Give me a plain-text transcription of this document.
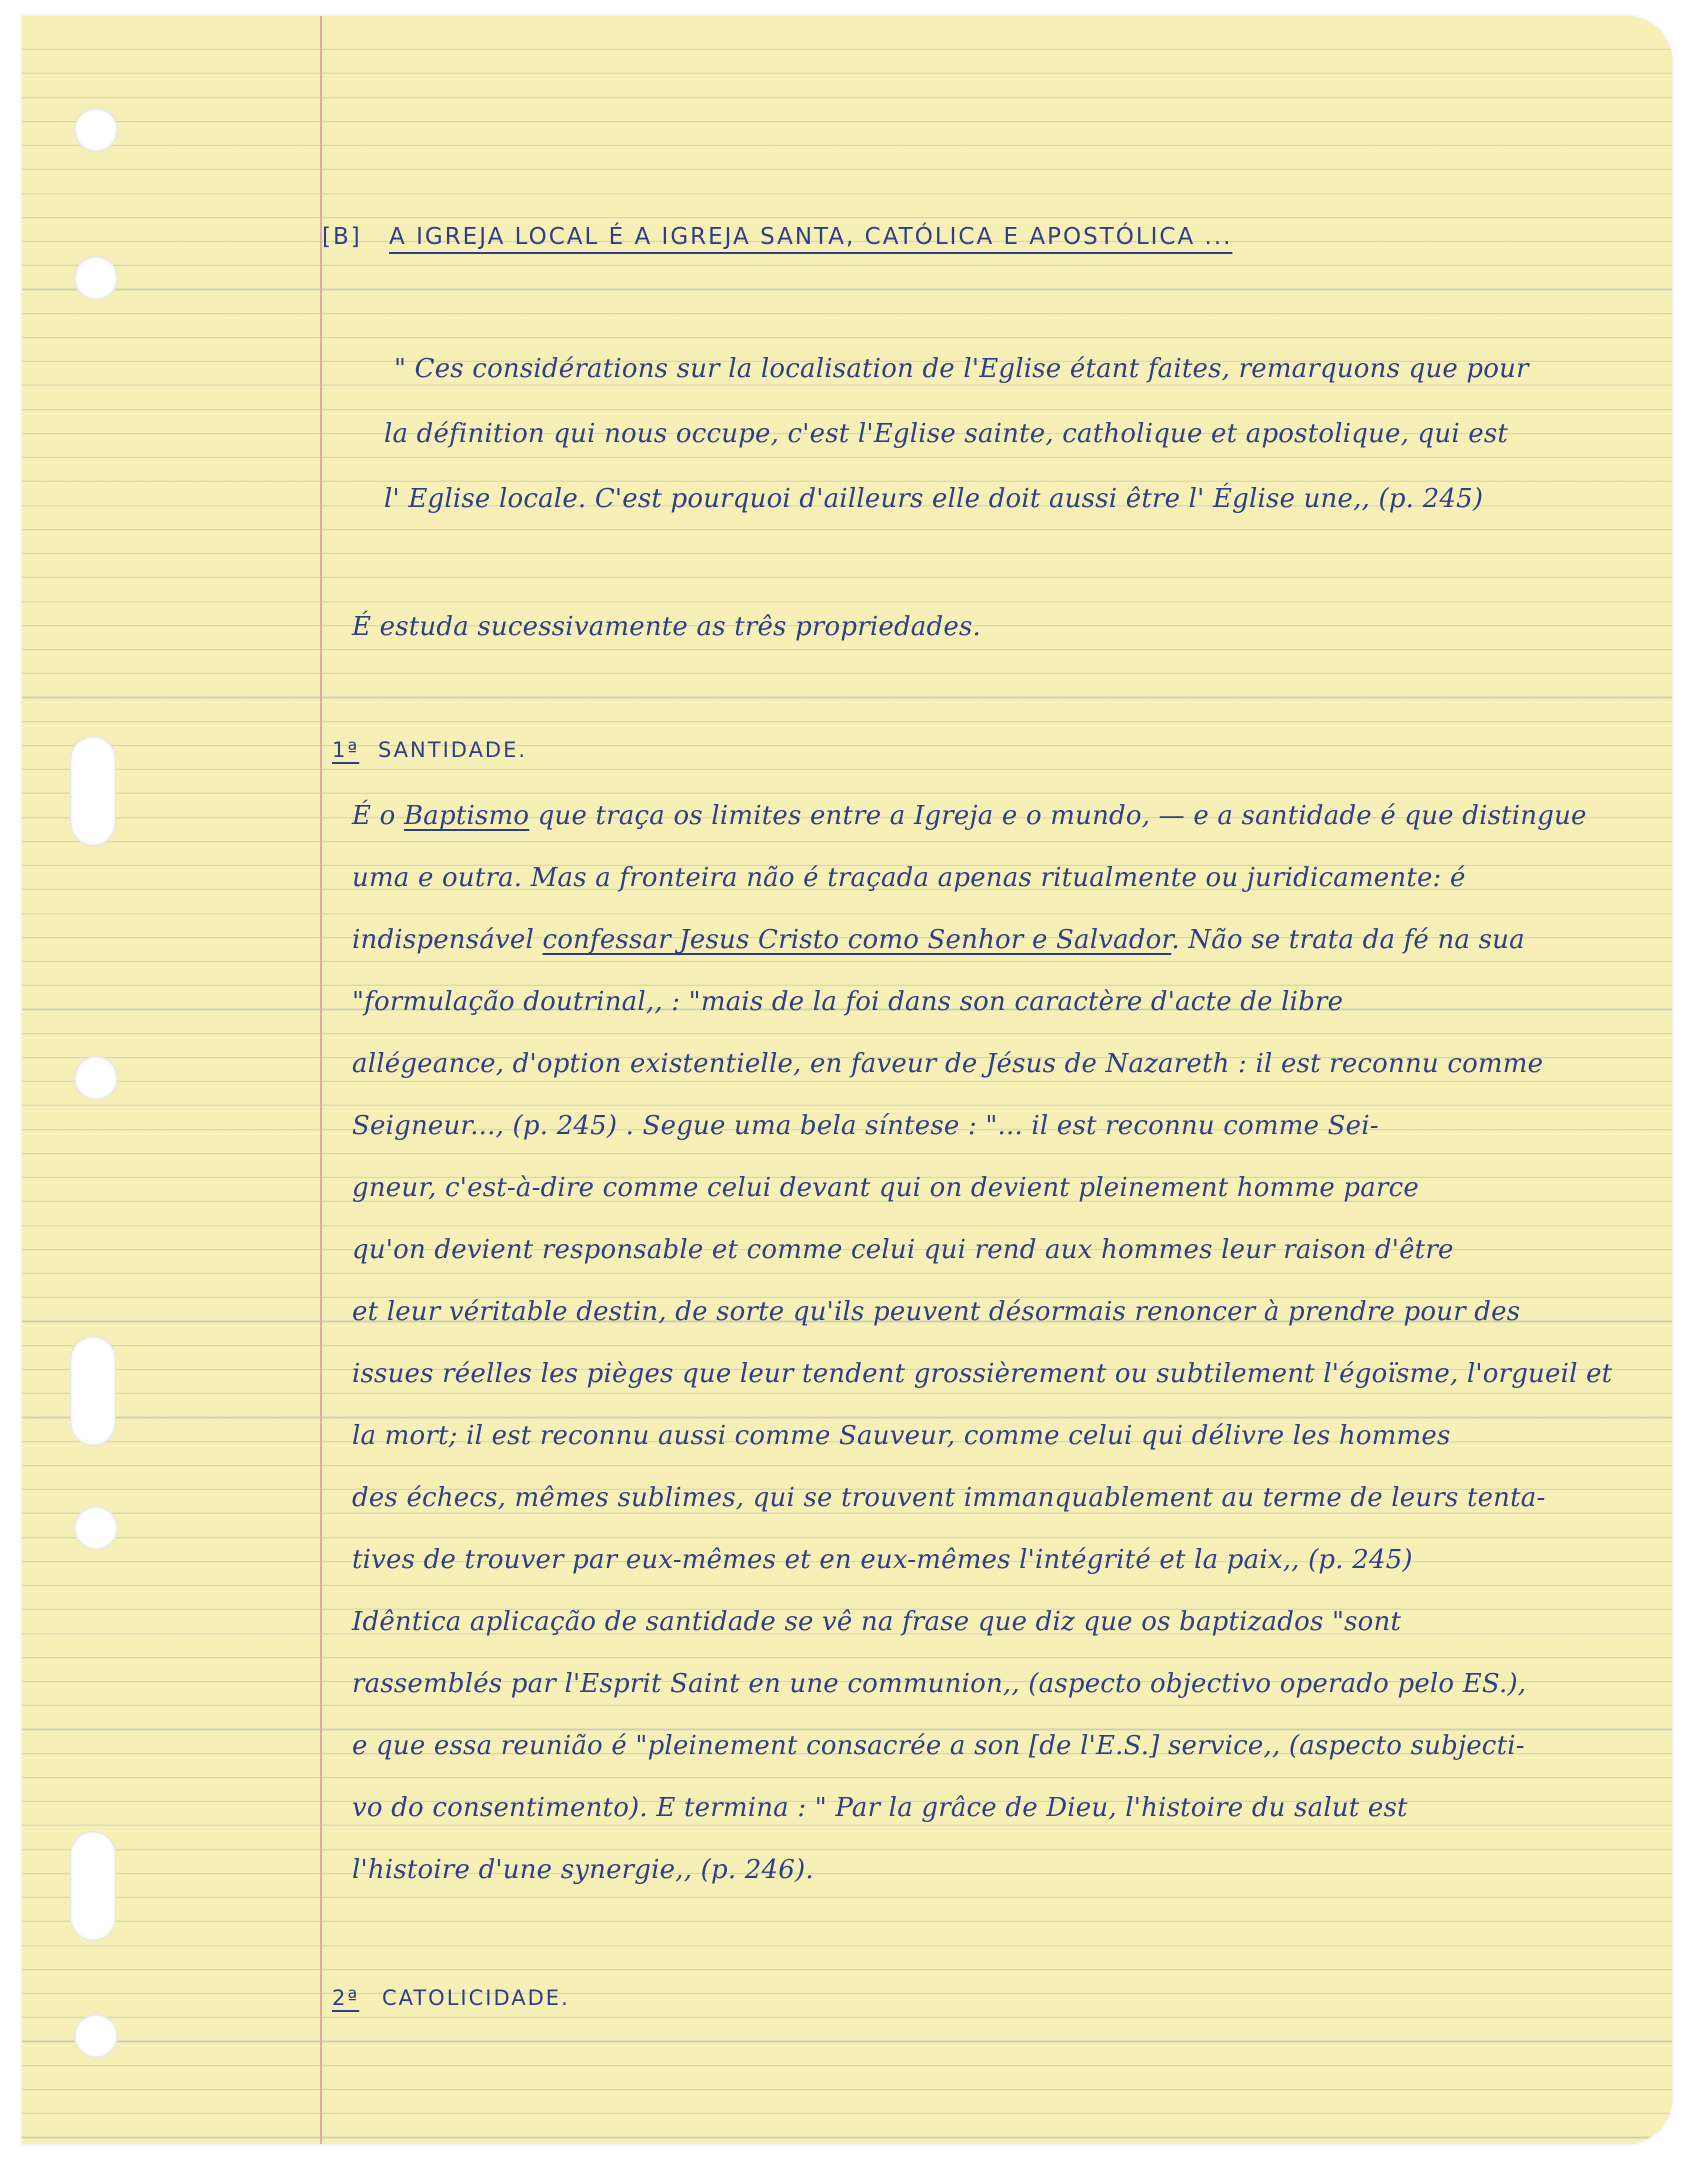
[B] A IGREJA LOCAL É A IGREJA SANTA, CATÓLICA E APOSTÓLICA ...

" Ces considérations sur la localisation de l'Eglise étant faites, remarquons que pour

la définition qui nous occupe, c'est l'Eglise sainte, catholique et apostolique, qui est

l' Eglise locale. C'est pourquoi d'ailleurs elle doit aussi être l' Église une,, (p. 245)

É estuda sucessivamente as três propriedades.

1ª SANTIDADE.

É o Baptismo que traça os limites entre a Igreja e o mundo, — e a santidade é que distingue

uma e outra. Mas a fronteira não é traçada apenas ritualmente ou juridicamente: é

indispensável confessar Jesus Cristo como Senhor e Salvador. Não se trata da fé na sua

"formulação doutrinal,, : "mais de la foi dans son caractère d'acte de libre

allégeance, d'option existentielle, en faveur de Jésus de Nazareth : il est reconnu comme

Seigneur..., (p. 245) . Segue uma bela síntese : "... il est reconnu comme Sei-

gneur, c'est-à-dire comme celui devant qui on devient pleinement homme parce

qu'on devient responsable et comme celui qui rend aux hommes leur raison d'être

et leur véritable destin, de sorte qu'ils peuvent désormais renoncer à prendre pour des

issues réelles les pièges que leur tendent grossièrement ou subtilement l'égoïsme, l'orgueil et

la mort; il est reconnu aussi comme Sauveur, comme celui qui délivre les hommes

des échecs, mêmes sublimes, qui se trouvent immanquablement au terme de leurs tenta-

tives de trouver par eux-mêmes et en eux-mêmes l'intégrité et la paix,, (p. 245)

Idêntica aplicação de santidade se vê na frase que diz que os baptizados "sont

rassemblés par l'Esprit Saint en une communion,, (aspecto objectivo operado pelo ES.),

e que essa reunião é "pleinement consacrée a son [de l'E.S.] service,, (aspecto subjecti-

vo do consentimento). E termina : " Par la grâce de Dieu, l'histoire du salut est

l'histoire d'une synergie,, (p. 246).

2ª CATOLICIDADE.
